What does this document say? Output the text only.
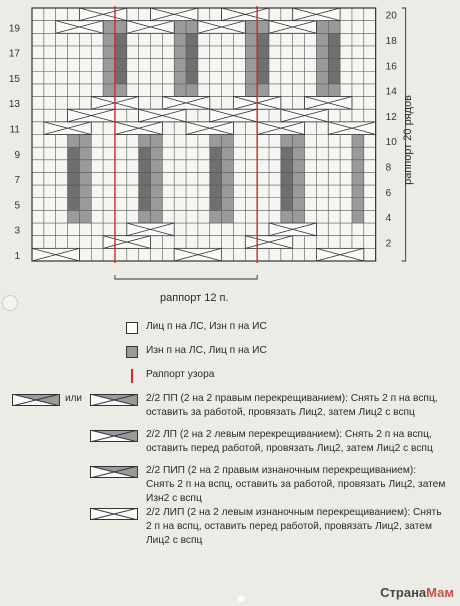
1
3
5
7
9
11
13
15
17
19
2
4
6
8
10
12
14
16
18
20
раппорт 20 рядов
раппорт 12 п.
Лиц п на ЛС, Изн п на ИС
Изн п на ЛС, Лиц п на ИС
Раппорт узора
или	2/2 ПП (2 на 2 правым перекрещиванием): Снять 2 п на вспц, оставить за работой, провязать Лиц2, затем Лиц2 с вспц
2/2 ЛП (2 на 2 левым перекрещиванием): Снять 2 п на вспц, оставить перед работой, провязать Лиц2, затем Лиц2 с вспц
2/2 ПИП (2 на 2 правым изнаночным перекрещиванием): Снять 2 п на вспц, оставить за работой, провязать Лиц2, затем Изн2 с вспц
2/2 ЛИП (2 на 2 левым изнаночным перекрещиванием): Снять 2 п на вспц, оставить перед работой, провязать Лиц2, затем Лиц2 с вспц
СтранаМам
